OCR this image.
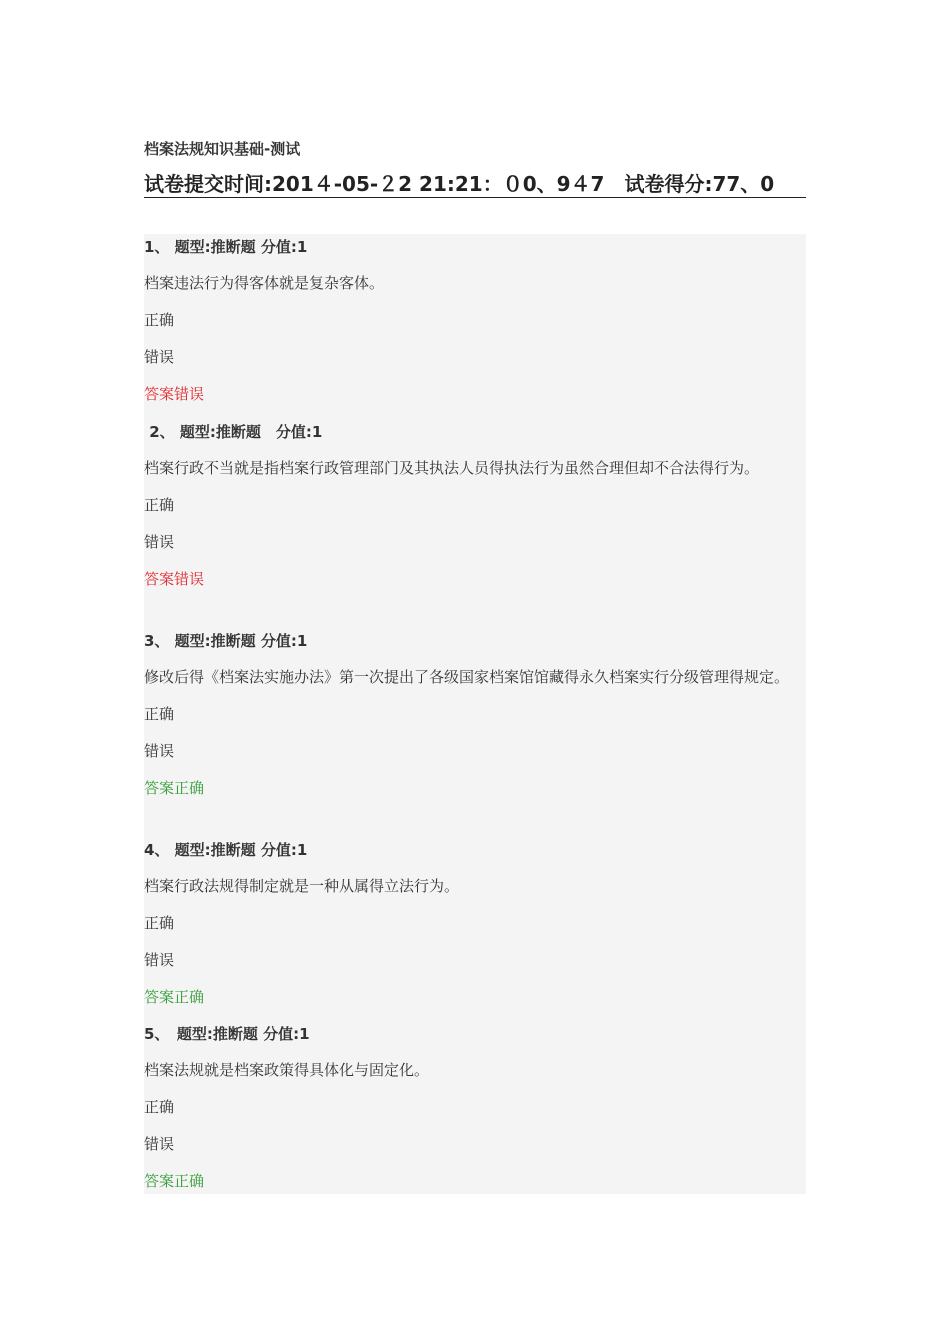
档案法规知识基础-测试
试卷提交时间:201４-05-２2 21:21：０0、9４7　试卷得分:77、0
1、 题型:推断题 分值:1
档案违法行为得客体就是复杂客体。
正确
错误
答案错误
2、 题型:推断题　分值:1
档案行政不当就是指档案行政管理部门及其执法人员得执法行为虽然合理但却不合法得行为。
正确
错误
答案错误
3、 题型:推断题 分值:1
修改后得《档案法实施办法》第一次提出了各级国家档案馆馆藏得永久档案实行分级管理得规定。
正确
错误
答案正确
4、 题型:推断题 分值:1
档案行政法规得制定就是一种从属得立法行为。
正确
错误
答案正确
5、　题型:推断题 分值:1
档案法规就是档案政策得具体化与固定化。
正确
错误
答案正确
